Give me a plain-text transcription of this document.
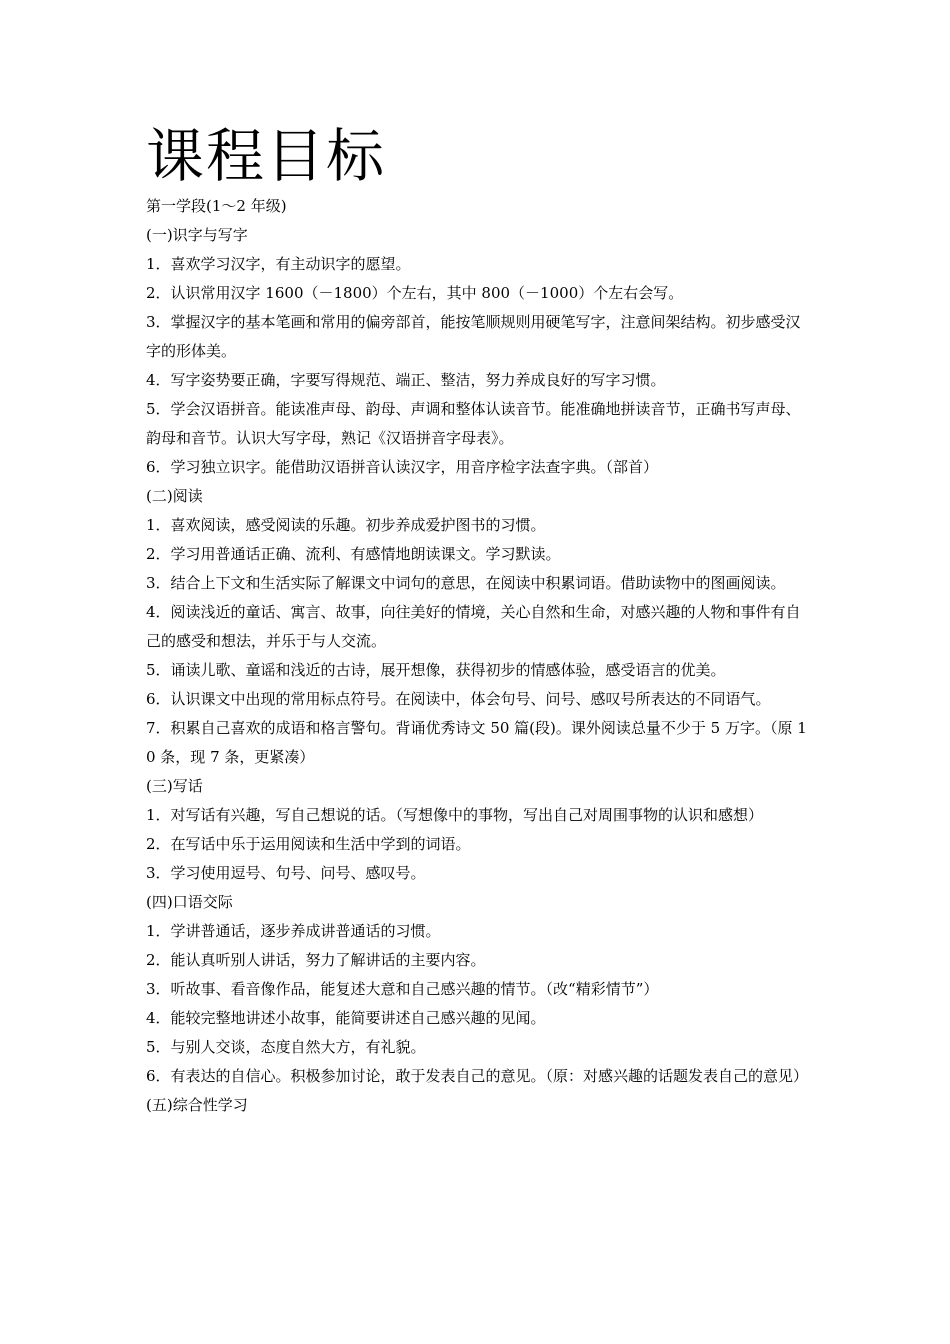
课程目标
第一学段(1～2 年级)
(一)识字与写字
1．喜欢学习汉字，有主动识字的愿望。
2．认识常用汉字 1600（－1800）个左右，其中 800（－1000）个左右会写。
3．掌握汉字的基本笔画和常用的偏旁部首，能按笔顺规则用硬笔写字，注意间架结构。初步感受汉字的形体美。
4．写字姿势要正确，字要写得规范、端正、整洁，努力养成良好的写字习惯。
5．学会汉语拼音。能读准声母、韵母、声调和整体认读音节。能准确地拼读音节，正确书写声母、韵母和音节。认识大写字母，熟记《汉语拼音字母表》。
6．学习独立识字。能借助汉语拼音认读汉字，用音序检字法查字典。（部首）
(二)阅读
1．喜欢阅读，感受阅读的乐趣。初步养成爱护图书的习惯。
2．学习用普通话正确、流利、有感情地朗读课文。学习默读。
3．结合上下文和生活实际了解课文中词句的意思，在阅读中积累词语。借助读物中的图画阅读。
4．阅读浅近的童话、寓言、故事，向往美好的情境，关心自然和生命，对感兴趣的人物和事件有自己的感受和想法，并乐于与人交流。
5．诵读儿歌、童谣和浅近的古诗，展开想像，获得初步的情感体验，感受语言的优美。
6．认识课文中出现的常用标点符号。在阅读中，体会句号、问号、感叹号所表达的不同语气。
7．积累自己喜欢的成语和格言警句。背诵优秀诗文 50 篇(段)。课外阅读总量不少于 5 万字。（原 10 条，现 7 条，更紧凑）
(三)写话
1．对写话有兴趣，写自己想说的话。（写想像中的事物，写出自己对周围事物的认识和感想）
2．在写话中乐于运用阅读和生活中学到的词语。
3．学习使用逗号、句号、问号、感叹号。
(四)口语交际
1．学讲普通话，逐步养成讲普通话的习惯。
2．能认真听别人讲话，努力了解讲话的主要内容。
3．听故事、看音像作品，能复述大意和自己感兴趣的情节。（改“精彩情节”）
4．能较完整地讲述小故事，能简要讲述自己感兴趣的见闻。
5．与别人交谈，态度自然大方，有礼貌。
6．有表达的自信心。积极参加讨论，敢于发表自己的意见。（原：对感兴趣的话题发表自己的意见）
(五)综合性学习
